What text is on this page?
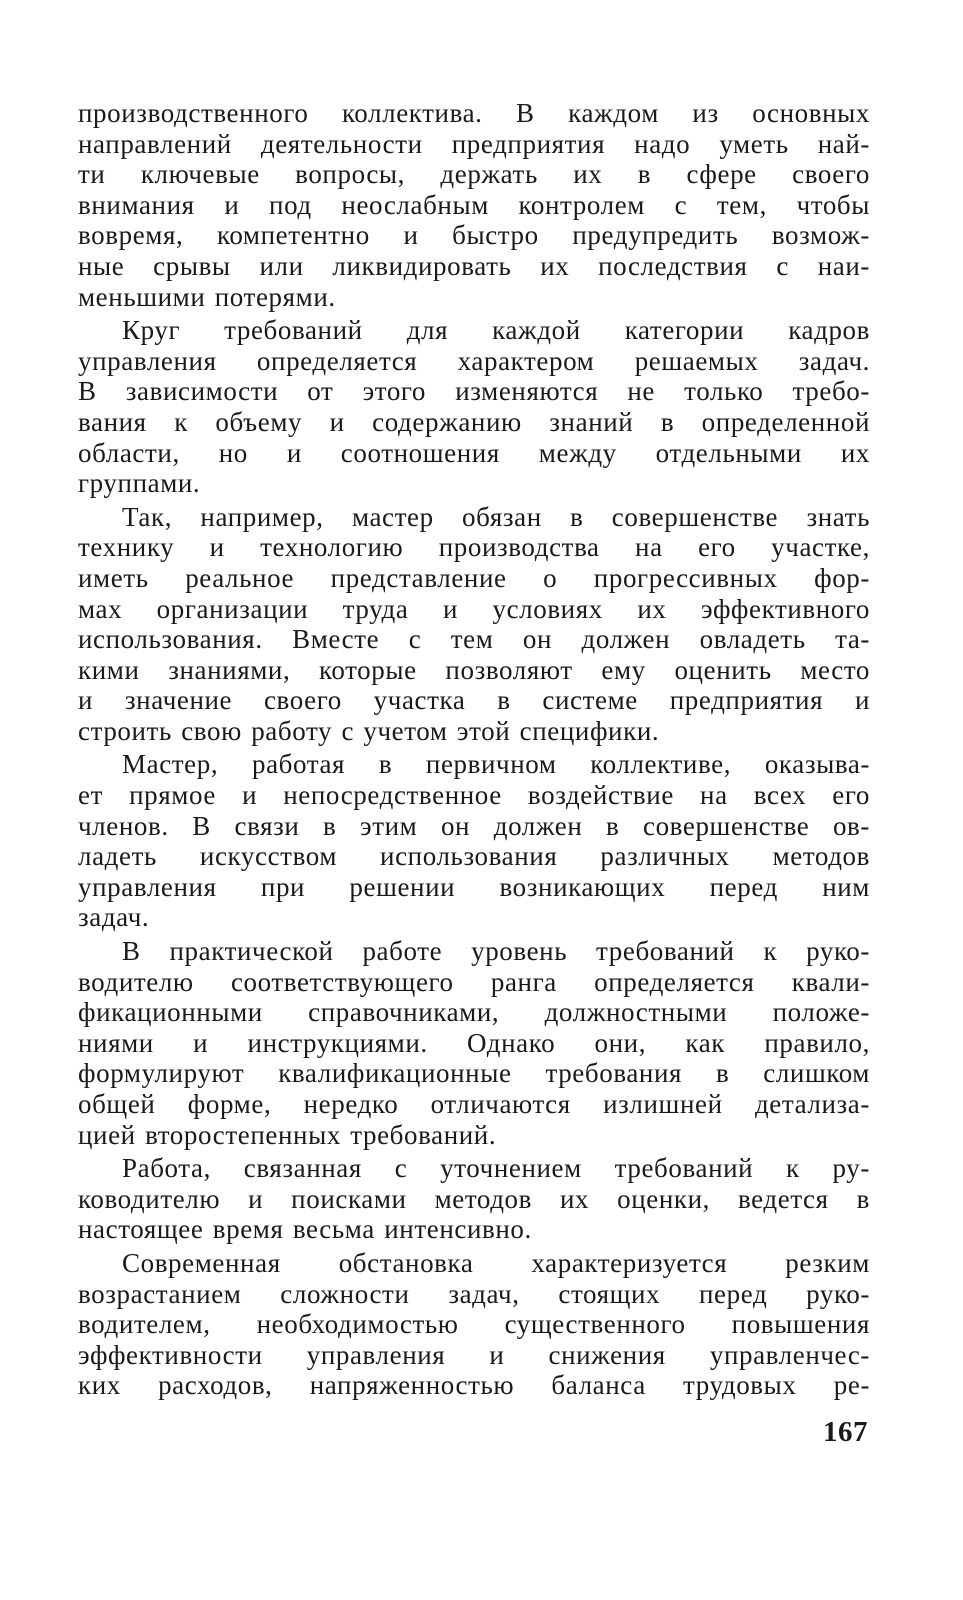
производственного коллектива. В каждом из основных
направлений деятельности предприятия надо уметь най-
ти ключевые вопросы, держать их в сфере своего
внимания и под неослабным контролем с тем, чтобы
вовремя, компетентно и быстро предупредить возмож-
ные срывы или ликвидировать их последствия с наи-
меньшими потерями.
Круг требований для каждой категории кадров
управления определяется характером решаемых задач.
В зависимости от этого изменяются не только требо-
вания к объему и содержанию знаний в определенной
области, но и соотношения между отдельными их
группами.
Так, например, мастер обязан в совершенстве знать
технику и технологию производства на его участке,
иметь реальное представление о прогрессивных фор-
мах организации труда и условиях их эффективного
использования. Вместе с тем он должен овладеть та-
кими знаниями, которые позволяют ему оценить место
и значение своего участка в системе предприятия и
строить свою работу с учетом этой специфики.
Мастер, работая в первичном коллективе, оказыва-
ет прямое и непосредственное воздействие на всех его
членов. В связи в этим он должен в совершенстве ов-
ладеть искусством использования различных методов
управления при решении возникающих перед ним
задач.
В практической работе уровень требований к руко-
водителю соответствующего ранга определяется квали-
фикационными справочниками, должностными положе-
ниями и инструкциями. Однако они, как правило,
формулируют квалификационные требования в слишком
общей форме, нередко отличаются излишней детализа-
цией второстепенных требований.
Работа, связанная с уточнением требований к ру-
ководителю и поисками методов их оценки, ведется в
настоящее время весьма интенсивно.
Современная обстановка характеризуется резким
возрастанием сложности задач, стоящих перед руко-
водителем, необходимостью существенного повышения
эффективности управления и снижения управленчес-
ких расходов, напряженностью баланса трудовых ре-
167
